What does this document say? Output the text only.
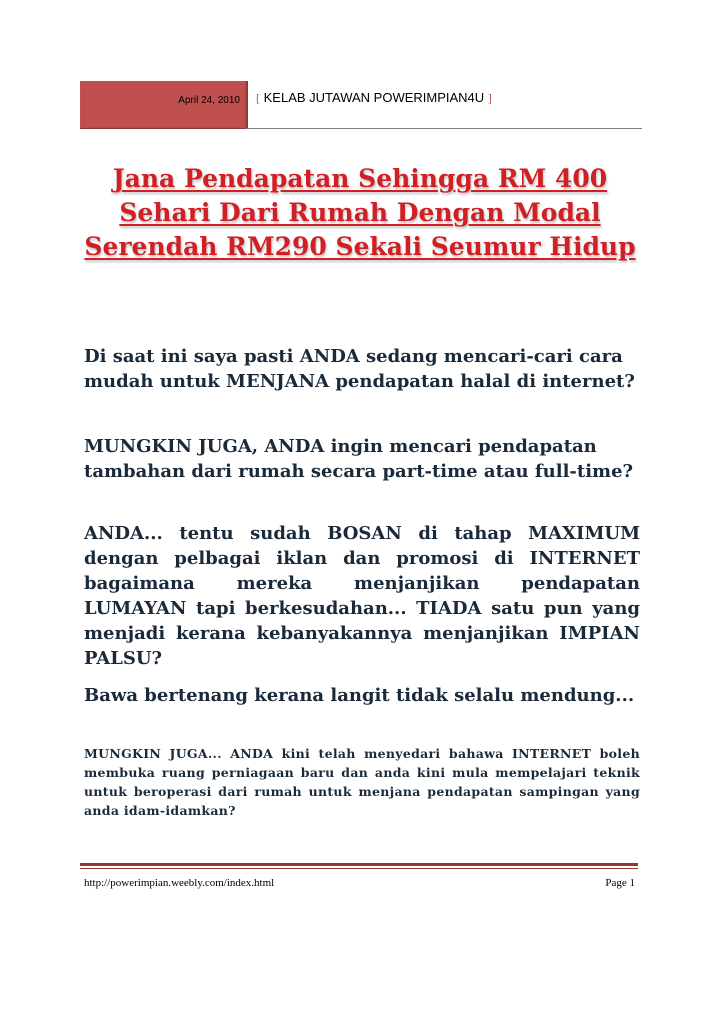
April 24, 2010 [ KELAB JUTAWAN POWERIMPIAN4U ]
Jana Pendapatan Sehingga RM 400 Sehari Dari Rumah Dengan Modal Serendah RM290 Sekali Seumur Hidup

Di saat ini saya pasti ANDA sedang mencari-cari cara mudah untuk MENJANA pendapatan halal di internet?

MUNGKIN JUGA, ANDA ingin mencari pendapatan tambahan dari rumah secara part-time atau full-time?

ANDA... tentu sudah BOSAN di tahap MAXIMUM dengan pelbagai iklan dan promosi di INTERNET bagaimana mereka menjanjikan pendapatan LUMAYAN tapi berkesudahan... TIADA satu pun yang menjadi kerana kebanyakannya menjanjikan IMPIAN PALSU?

Bawa bertenang kerana langit tidak selalu mendung...

MUNGKIN JUGA... ANDA kini telah menyedari bahawa INTERNET boleh membuka ruang perniagaan baru dan anda kini mula mempelajari teknik untuk beroperasi dari rumah untuk menjana pendapatan sampingan yang anda idam-idamkan?

http://powerimpian.weebly.com/index.html	Page 1
